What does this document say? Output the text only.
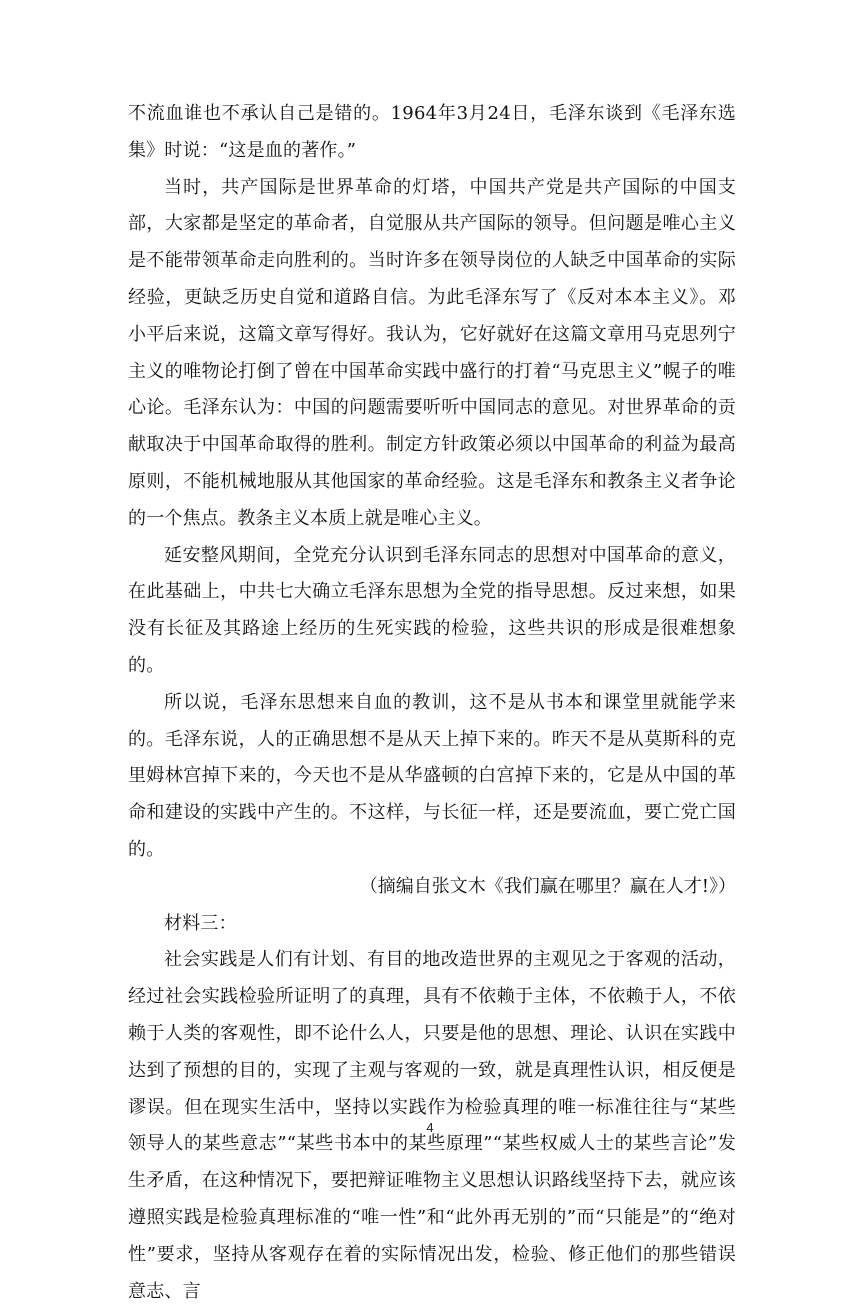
不流血谁也不承认自己是错的。1964年3月24日，毛泽东谈到《毛泽东选集》时说：“这是血的著作。”

当时，共产国际是世界革命的灯塔，中国共产党是共产国际的中国支部，大家都是坚定的革命者，自觉服从共产国际的领导。但问题是唯心主义是不能带领革命走向胜利的。当时许多在领导岗位的人缺乏中国革命的实际经验，更缺乏历史自觉和道路自信。为此毛泽东写了《反对本本主义》。邓小平后来说，这篇文章写得好。我认为，它好就好在这篇文章用马克思列宁主义的唯物论打倒了曾在中国革命实践中盛行的打着“马克思主义”幌子的唯心论。毛泽东认为：中国的问题需要听听中国同志的意见。对世界革命的贡献取决于中国革命取得的胜利。制定方针政策必须以中国革命的利益为最高原则，不能机械地服从其他国家的革命经验。这是毛泽东和教条主义者争论的一个焦点。教条主义本质上就是唯心主义。

延安整风期间，全党充分认识到毛泽东同志的思想对中国革命的意义，在此基础上，中共七大确立毛泽东思想为全党的指导思想。反过来想，如果没有长征及其路途上经历的生死实践的检验，这些共识的形成是很难想象的。

所以说，毛泽东思想来自血的教训，这不是从书本和课堂里就能学来的。毛泽东说，人的正确思想不是从天上掉下来的。昨天不是从莫斯科的克里姆林宫掉下来的，今天也不是从华盛顿的白宫掉下来的，它是从中国的革命和建设的实践中产生的。不这样，与长征一样，还是要流血，要亡党亡国的。

（摘编自张文木《我们赢在哪里？赢在人才!》）

材料三：

社会实践是人们有计划、有目的地改造世界的主观见之于客观的活动，经过社会实践检验所证明了的真理，具有不依赖于主体，不依赖于人，不依赖于人类的客观性，即不论什么人，只要是他的思想、理论、认识在实践中达到了预想的目的，实现了主观与客观的一致，就是真理性认识，相反便是谬误。但在现实生活中，坚持以实践作为检验真理的唯一标准往往与“某些领导人的某些意志”“某些书本中的某些原理”“某些权威人士的某些言论”发生矛盾，在这种情况下，要把辩证唯物主义思想认识路线坚持下去，就应该遵照实践是检验真理标准的“唯一性”和“此外再无别的”而“只能是”的“绝对性”要求，坚持从客观存在着的实际情况出发，检验、修正他们的那些错误意志、言

4
